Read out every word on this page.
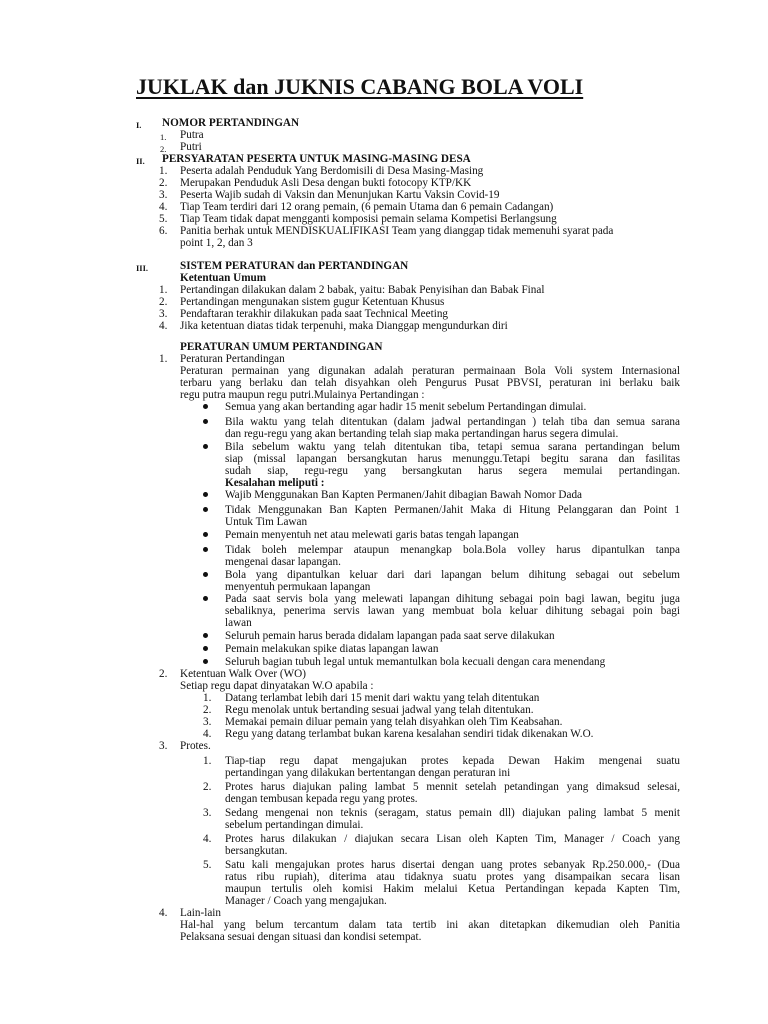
JUKLAK dan JUKNIS CABANG BOLA VOLI
I. NOMOR PERTANDINGAN
1. Putra
2. Putri
II. PERSYARATAN PESERTA UNTUK MASING-MASING DESA
1. Peserta adalah Penduduk Yang Berdomisili di Desa Masing-Masing
2. Merupakan Penduduk Asli Desa dengan bukti fotocopy KTP/KK
3. Peserta Wajib sudah di Vaksin dan Menunjukan Kartu Vaksin Covid-19
4. Tiap Team terdiri dari 12 orang pemain, (6 pemain Utama dan 6 pemain Cadangan)
5. Tiap Team tidak dapat mengganti komposisi pemain selama Kompetisi Berlangsung
6. Panitia berhak untuk MENDISKUALIFIKASI Team yang dianggap tidak memenuhi syarat pada
point 1, 2, dan 3
III.	SISTEM PERATURAN dan PERTANDINGAN
Ketentuan Umum
1. Pertandingan dilakukan dalam 2 babak, yaitu: Babak Penyisihan dan Babak Final
2. Pertandingan mengunakan sistem gugur Ketentuan Khusus
3. Pendaftaran terakhir dilakukan pada saat Technical Meeting
4. Jika ketentuan diatas tidak terpenuhi, maka Dianggap mengundurkan diri
PERATURAN UMUM PERTANDINGAN
1. Peraturan Pertandingan
Peraturan permainan yang digunakan adalah peraturan permainaan Bola Voli system Internasional
terbaru yang berlaku dan telah disyahkan oleh Pengurus Pusat PBVSI, peraturan ini berlaku baik
regu putra maupun regu putri.Mulainya Pertandingan :
Semua yang akan bertanding agar hadir 15 menit sebelum Pertandingan dimulai.
Bila waktu yang telah ditentukan (dalam jadwal pertandingan ) telah tiba dan semua sarana
dan regu-regu yang akan bertanding telah siap maka pertandingan harus segera dimulai.
Bila sebelum waktu yang telah ditentukan tiba, tetapi semua sarana pertandingan belum
siap (missal lapangan bersangkutan harus menunggu.Tetapi begitu sarana dan fasilitas
sudah siap, regu-regu yang bersangkutan harus segera memulai pertandingan.
Kesalahan meliputi :
Wajib Menggunakan Ban Kapten Permanen/Jahit dibagian Bawah Nomor Dada
Tidak Menggunakan Ban Kapten Permanen/Jahit Maka di Hitung Pelanggaran dan Point 1
Untuk Tim Lawan
Pemain menyentuh net atau melewati garis batas tengah lapangan
Tidak boleh melempar ataupun menangkap bola.Bola volley harus dipantulkan tanpa
mengenai dasar lapangan.
Bola yang dipantulkan keluar dari dari lapangan belum dihitung sebagai out sebelum
menyentuh permukaan lapangan
Pada saat servis bola yang melewati lapangan dihitung sebagai poin bagi lawan, begitu juga
sebaliknya, penerima servis lawan yang membuat bola keluar dihitung sebagai poin bagi
lawan
Seluruh pemain harus berada didalam lapangan pada saat serve dilakukan
Pemain melakukan spike diatas lapangan lawan
Seluruh bagian tubuh legal untuk memantulkan bola kecuali dengan cara menendang
2. Ketentuan Walk Over (WO)
Setiap regu dapat dinyatakan W.O apabila :
1. Datang terlambat lebih dari 15 menit dari waktu yang telah ditentukan
2. Regu menolak untuk bertanding sesuai jadwal yang telah ditentukan.
3. Memakai pemain diluar pemain yang telah disyahkan oleh Tim Keabsahan.
4. Regu yang datang terlambat bukan karena kesalahan sendiri tidak dikenakan W.O.
3. Protes.
1. Tiap-tiap regu dapat mengajukan protes kepada Dewan Hakim mengenai suatu
pertandingan yang dilakukan bertentangan dengan peraturan ini
2. Protes harus diajukan paling lambat 5 mennit setelah petandingan yang dimaksud selesai,
dengan tembusan kepada regu yang protes.
3. Sedang mengenai non teknis (seragam, status pemain dll) diajukan paling lambat 5 menit
sebelum pertandingan dimulai.
4. Protes harus dilakukan / diajukan secara Lisan oleh Kapten Tim, Manager / Coach yang
bersangkutan.
5. Satu kali mengajukan protes harus disertai dengan uang protes sebanyak Rp.250.000,- (Dua
ratus ribu rupiah), diterima atau tidaknya suatu protes yang disampaikan secara lisan
maupun tertulis oleh komisi Hakim melalui Ketua Pertandingan kepada Kapten Tim,
Manager / Coach yang mengajukan.
4. Lain-lain
Hal-hal yang belum tercantum dalam tata tertib ini akan ditetapkan dikemudian oleh Panitia
Pelaksana sesuai dengan situasi dan kondisi setempat.
